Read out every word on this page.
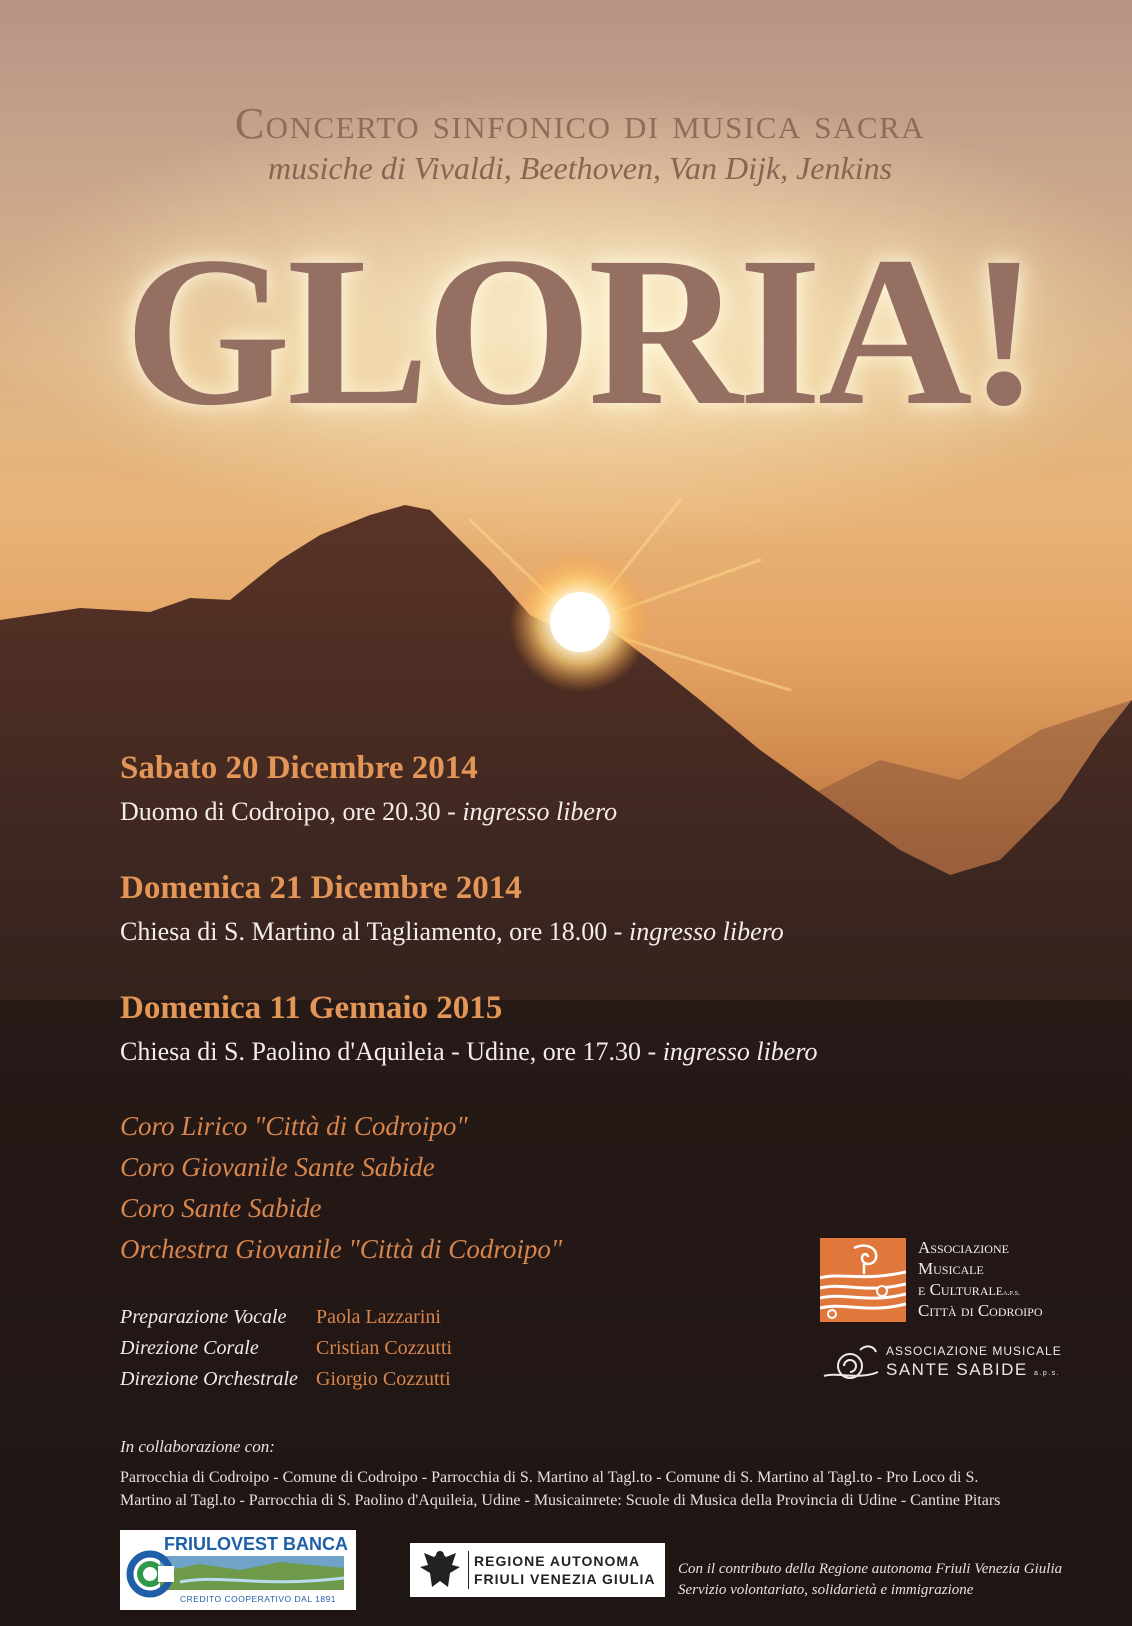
Concerto sinfonico di musica sacra
musiche di Vivaldi, Beethoven, Van Dijk, Jenkins
GLORIA!
Sabato 20 Dicembre 2014
Duomo di Codroipo, ore 20.30 - ingresso libero
Domenica 21 Dicembre 2014
Chiesa di S. Martino al Tagliamento, ore 18.00 - ingresso libero
Domenica 11 Gennaio 2015
Chiesa di S. Paolino d'Aquileia - Udine, ore 17.30 - ingresso libero
Coro Lirico "Città di Codroipo"
Coro Giovanile Sante Sabide
Coro Sante Sabide
Orchestra Giovanile "Città di Codroipo"
Preparazione Vocale Paola Lazzarini
Direzione Corale	Cristian Cozzutti
Direzione Orchestrale Giorgio Cozzutti
Associazione
Musicale
e Culturalea.p.s.
Città di Codroipo
ASSOCIAZIONE MUSICALE
SANTE SABIDE a.p.s.
In collaborazione con:
Parrocchia di Codroipo - Comune di Codroipo - Parrocchia di S. Martino al Tagl.to - Comune di S. Martino al Tagl.to - Pro Loco di S.
Martino al Tagl.to - Parrocchia di S. Paolino d'Aquileia, Udine - Musicainrete: Scuole di Musica della Provincia di Udine - Cantine Pitars
FRIULOVEST BANCA
CREDITO COOPERATIVO DAL 1891
REGIONE AUTONOMA
FRIULI VENEZIA GIULIA
Con il contributo della Regione autonoma Friuli Venezia Giulia
Servizio volontariato, solidarietà e immigrazione
